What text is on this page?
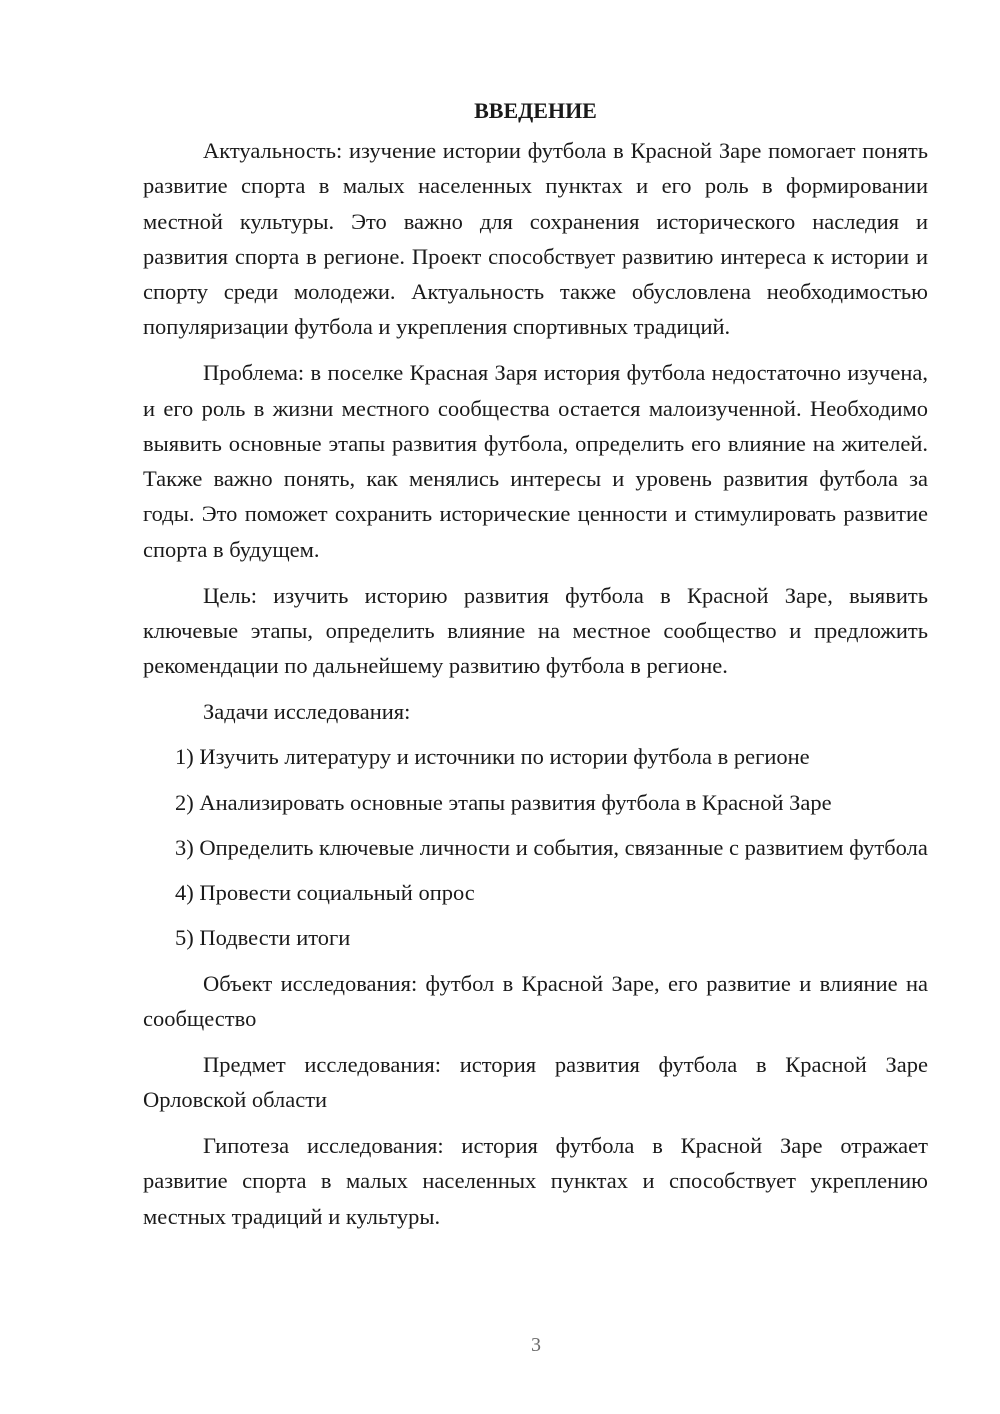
ВВЕДЕНИЕ

Актуальность: изучение истории футбола в Красной Заре помогает понять развитие спорта в малых населенных пунктах и его роль в формировании местной культуры. Это важно для сохранения исторического наследия и развития спорта в регионе. Проект способствует развитию интереса к истории и спорту среди молодежи. Актуальность также обусловлена необходимостью популяризации футбола и укрепления спортивных традиций.

Проблема: в поселке Красная Заря история футбола недостаточно изучена, и его роль в жизни местного сообщества остается малоизученной. Необходимо выявить основные этапы развития футбола, определить его влияние на жителей. Также важно понять, как менялись интересы и уровень развития футбола за годы. Это поможет сохранить исторические ценности и стимулировать развитие спорта в будущем.

Цель: изучить историю развития футбола в Красной Заре, выявить ключевые этапы, определить влияние на местное сообщество и предложить рекомендации по дальнейшему развитию футбола в регионе.

Задачи исследования:

1) Изучить литературу и источники по истории футбола в регионе

2) Анализировать основные этапы развития футбола в Красной Заре

3) Определить ключевые личности и события, связанные с развитием футбола

4) Провести социальный опрос

5) Подвести итоги

Объект исследования: футбол в Красной Заре, его развитие и влияние на сообщество

Предмет исследования: история развития футбола в Красной Заре Орловской области

Гипотеза исследования: история футбола в Красной Заре отражает развитие спорта в малых населенных пунктах и способствует укреплению местных традиций и культуры.

3
